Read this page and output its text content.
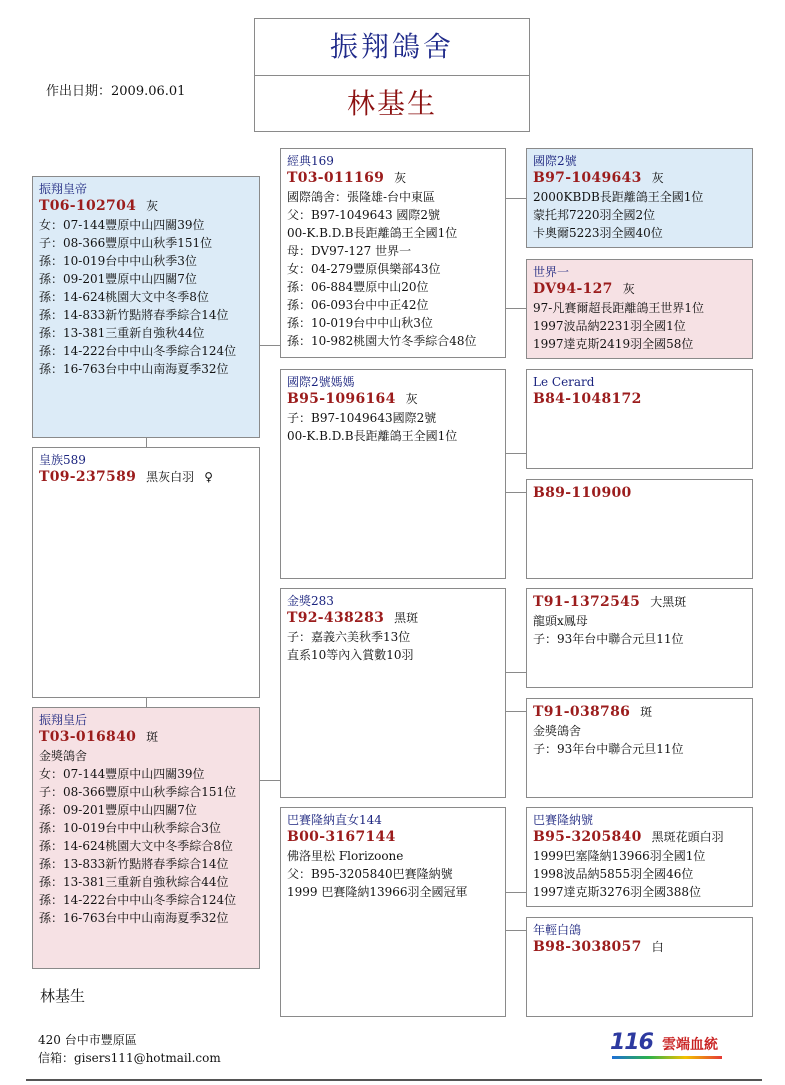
振翔鴿舍
林基生
作出日期：2009.06.01
振翔皇帝
T06-102704 灰
女：07-144豐原中山四關39位
子：08-366豐原中山秋季151位
孫：10-019台中中山秋季3位
孫：09-201豐原中山四關7位
孫：14-624桃園大文中冬季8位
孫：14-833新竹點將春季綜合14位
孫：13-381三重新自強秋44位
孫：14-222台中中山冬季綜合124位
孫：16-763台中中山南海夏季32位
皇族589
T09-237589 黑灰白羽 ♀
振翔皇后
T03-016840 斑
金獎鴿舍
女：07-144豐原中山四關39位
子：08-366豐原中山秋季綜合151位
孫：09-201豐原中山四關7位
孫：10-019台中中山秋季綜合3位
孫：14-624桃園大文中冬季綜合8位
孫：13-833新竹點將春季綜合14位
孫：13-381三重新自強秋綜合44位
孫：14-222台中中山冬季綜合124位
孫：16-763台中中山南海夏季32位
經典169
T03-011169 灰
國際鴿舍：張隆雄-台中東區
父：B97-1049643 國際2號
00-K.B.D.B長距離鴿王全國1位
母：DV97-127 世界一
女：04-279豐原俱樂部43位
孫：06-884豐原中山20位
孫：06-093台中中正42位
孫：10-019台中中山秋3位
孫：10-982桃園大竹冬季綜合48位
國際2號媽媽
B95-1096164 灰
子：B97-1049643國際2號
00-K.B.D.B長距離鴿王全國1位
金獎283
T92-438283 黑斑
子：嘉義六美秋季13位
直系10等內入賞數10羽
巴賽隆納直女144
B00-3167144
佛洛里松 Florizoone
父：B95-3205840巴賽隆納號
1999 巴賽隆納13966羽全國冠軍
國際2號
B97-1049643 灰
2000KBDB長距離鴿王全國1位
蒙托邦7220羽全國2位
卡奧爾5223羽全國40位
世界一
DV94-127 灰
97-凡賽爾超長距離鴿王世界1位
1997波品納2231羽全國1位
1997達克斯2419羽全國58位
Le Cerard
B84-1048172
B89-110900
T91-1372545 大黑斑
龍頭x鳳母
子：93年台中聯合元旦11位
T91-038786 斑
金獎鴿舍
子：93年台中聯合元旦11位
巴賽隆納號
B95-3205840 黑斑花頭白羽
1999巴塞隆納13966羽全國1位
1998波品納5855羽全國46位
1997達克斯3276羽全國388位
年輕白鴿
B98-3038057 白
林基生
420 台中市豐原區
信箱：gisers111@hotmail.com
116 雲端血統
